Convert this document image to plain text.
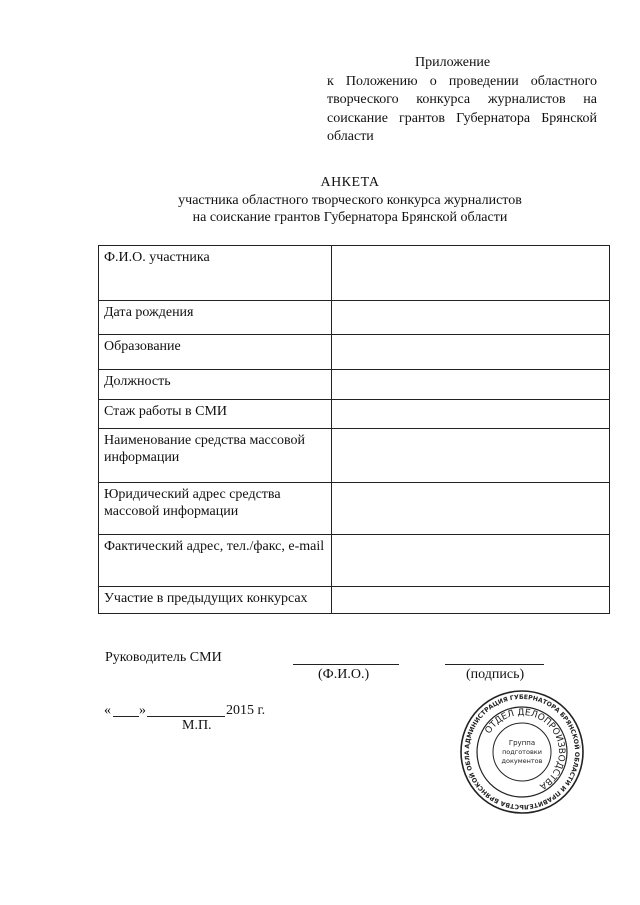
Приложение
к Положению о проведении областного
творческого конкурса журналистов на
соискание грантов Губернатора Брянской
области
АНКЕТА
участника областного творческого конкурса журналистов
на соискание грантов Губернатора Брянской области
Ф.И.О. участника	
Дата рождения	
Образование	
Должность	
Стаж работы в СМИ	
Наименование средства массовой информации	
Юридический адрес средства массовой информации	
Фактический адрес, тел./факс, e-mail	
Участие в предыдущих конкурсах	
Руководитель СМИ
(Ф.И.О.)	(подпись)
« »	2015 г.
М.П.
АДМИНИСТРАЦИЯ ГУБЕРНАТОРА БРЯНСКОЙ ОБЛАСТИ И ПРАВИТЕЛЬСТВА БРЯНСКОЙ ОБЛА
ОТДЕЛ ДЕЛОПРОИЗВОДСТВА
Группа
подготовки
документов
